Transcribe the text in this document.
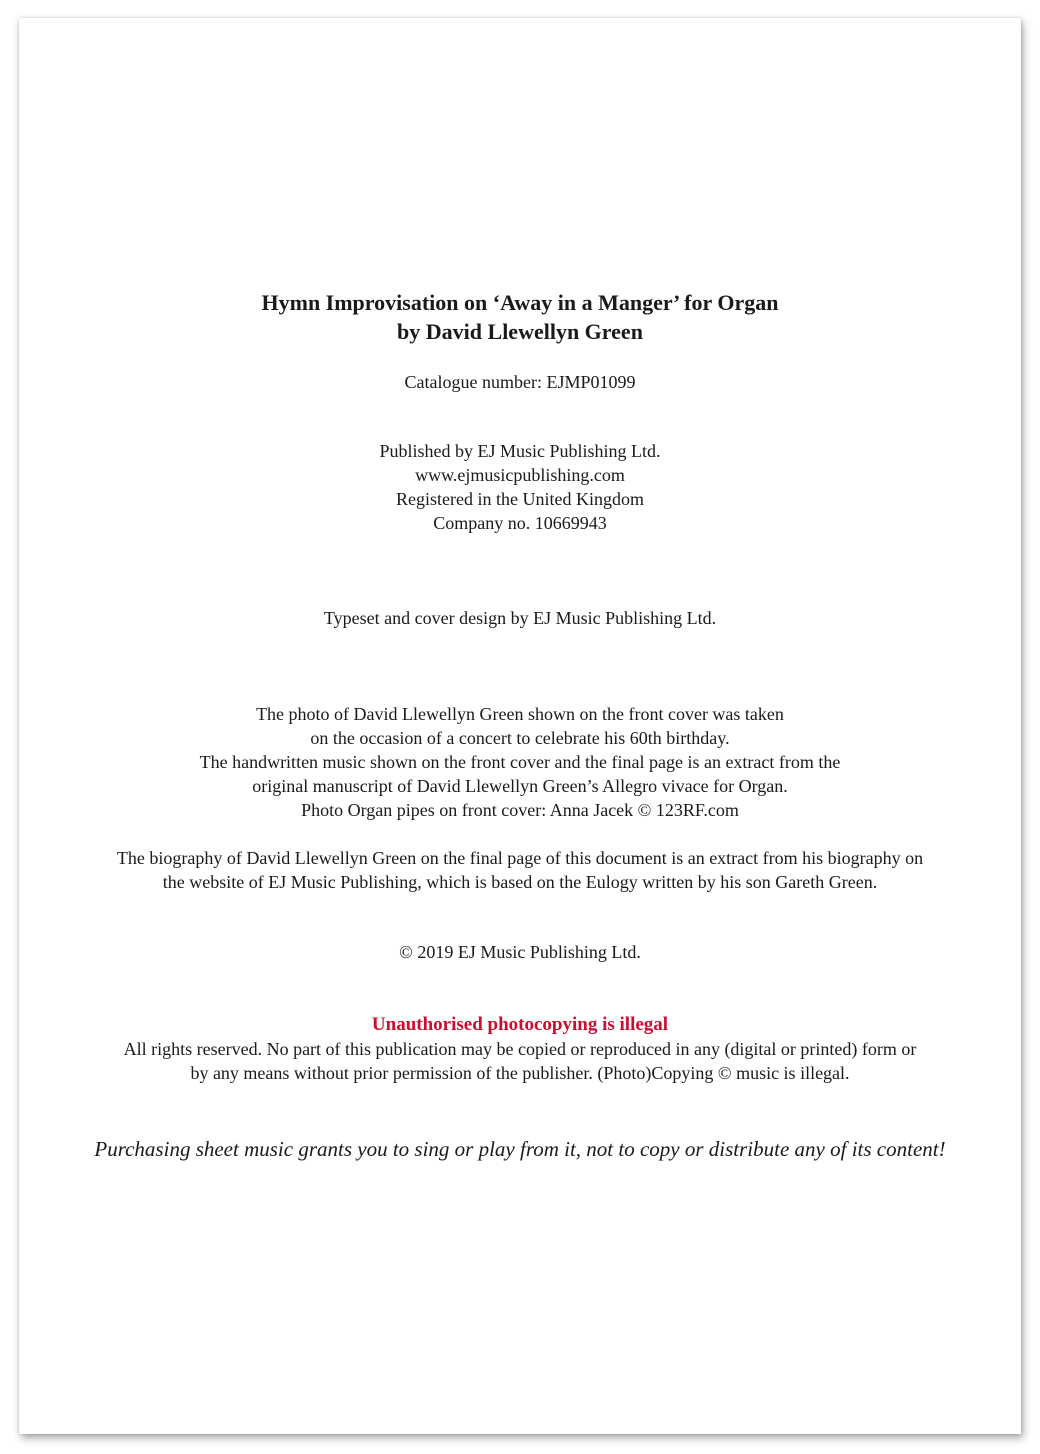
Hymn Improvisation on ‘Away in a Manger’ for Organ
by David Llewellyn Green
Catalogue number: EJMP01099
Published by EJ Music Publishing Ltd.
www.ejmusicpublishing.com
Registered in the United Kingdom
Company no. 10669943
Typeset and cover design by EJ Music Publishing Ltd.
The photo of David Llewellyn Green shown on the front cover was taken
on the occasion of a concert to celebrate his 60th birthday.
The handwritten music shown on the front cover and the final page is an extract from the
original manuscript of David Llewellyn Green’s Allegro vivace for Organ.
Photo Organ pipes on front cover: Anna Jacek © 123RF.com
The biography of David Llewellyn Green on the final page of this document is an extract from his biography on
the website of EJ Music Publishing, which is based on the Eulogy written by his son Gareth Green.
© 2019 EJ Music Publishing Ltd.
Unauthorised photocopying is illegal
All rights reserved. No part of this publication may be copied or reproduced in any (digital or printed) form or
by any means without prior permission of the publisher. (Photo)Copying © music is illegal.
Purchasing sheet music grants you to sing or play from it, not to copy or distribute any of its content!
